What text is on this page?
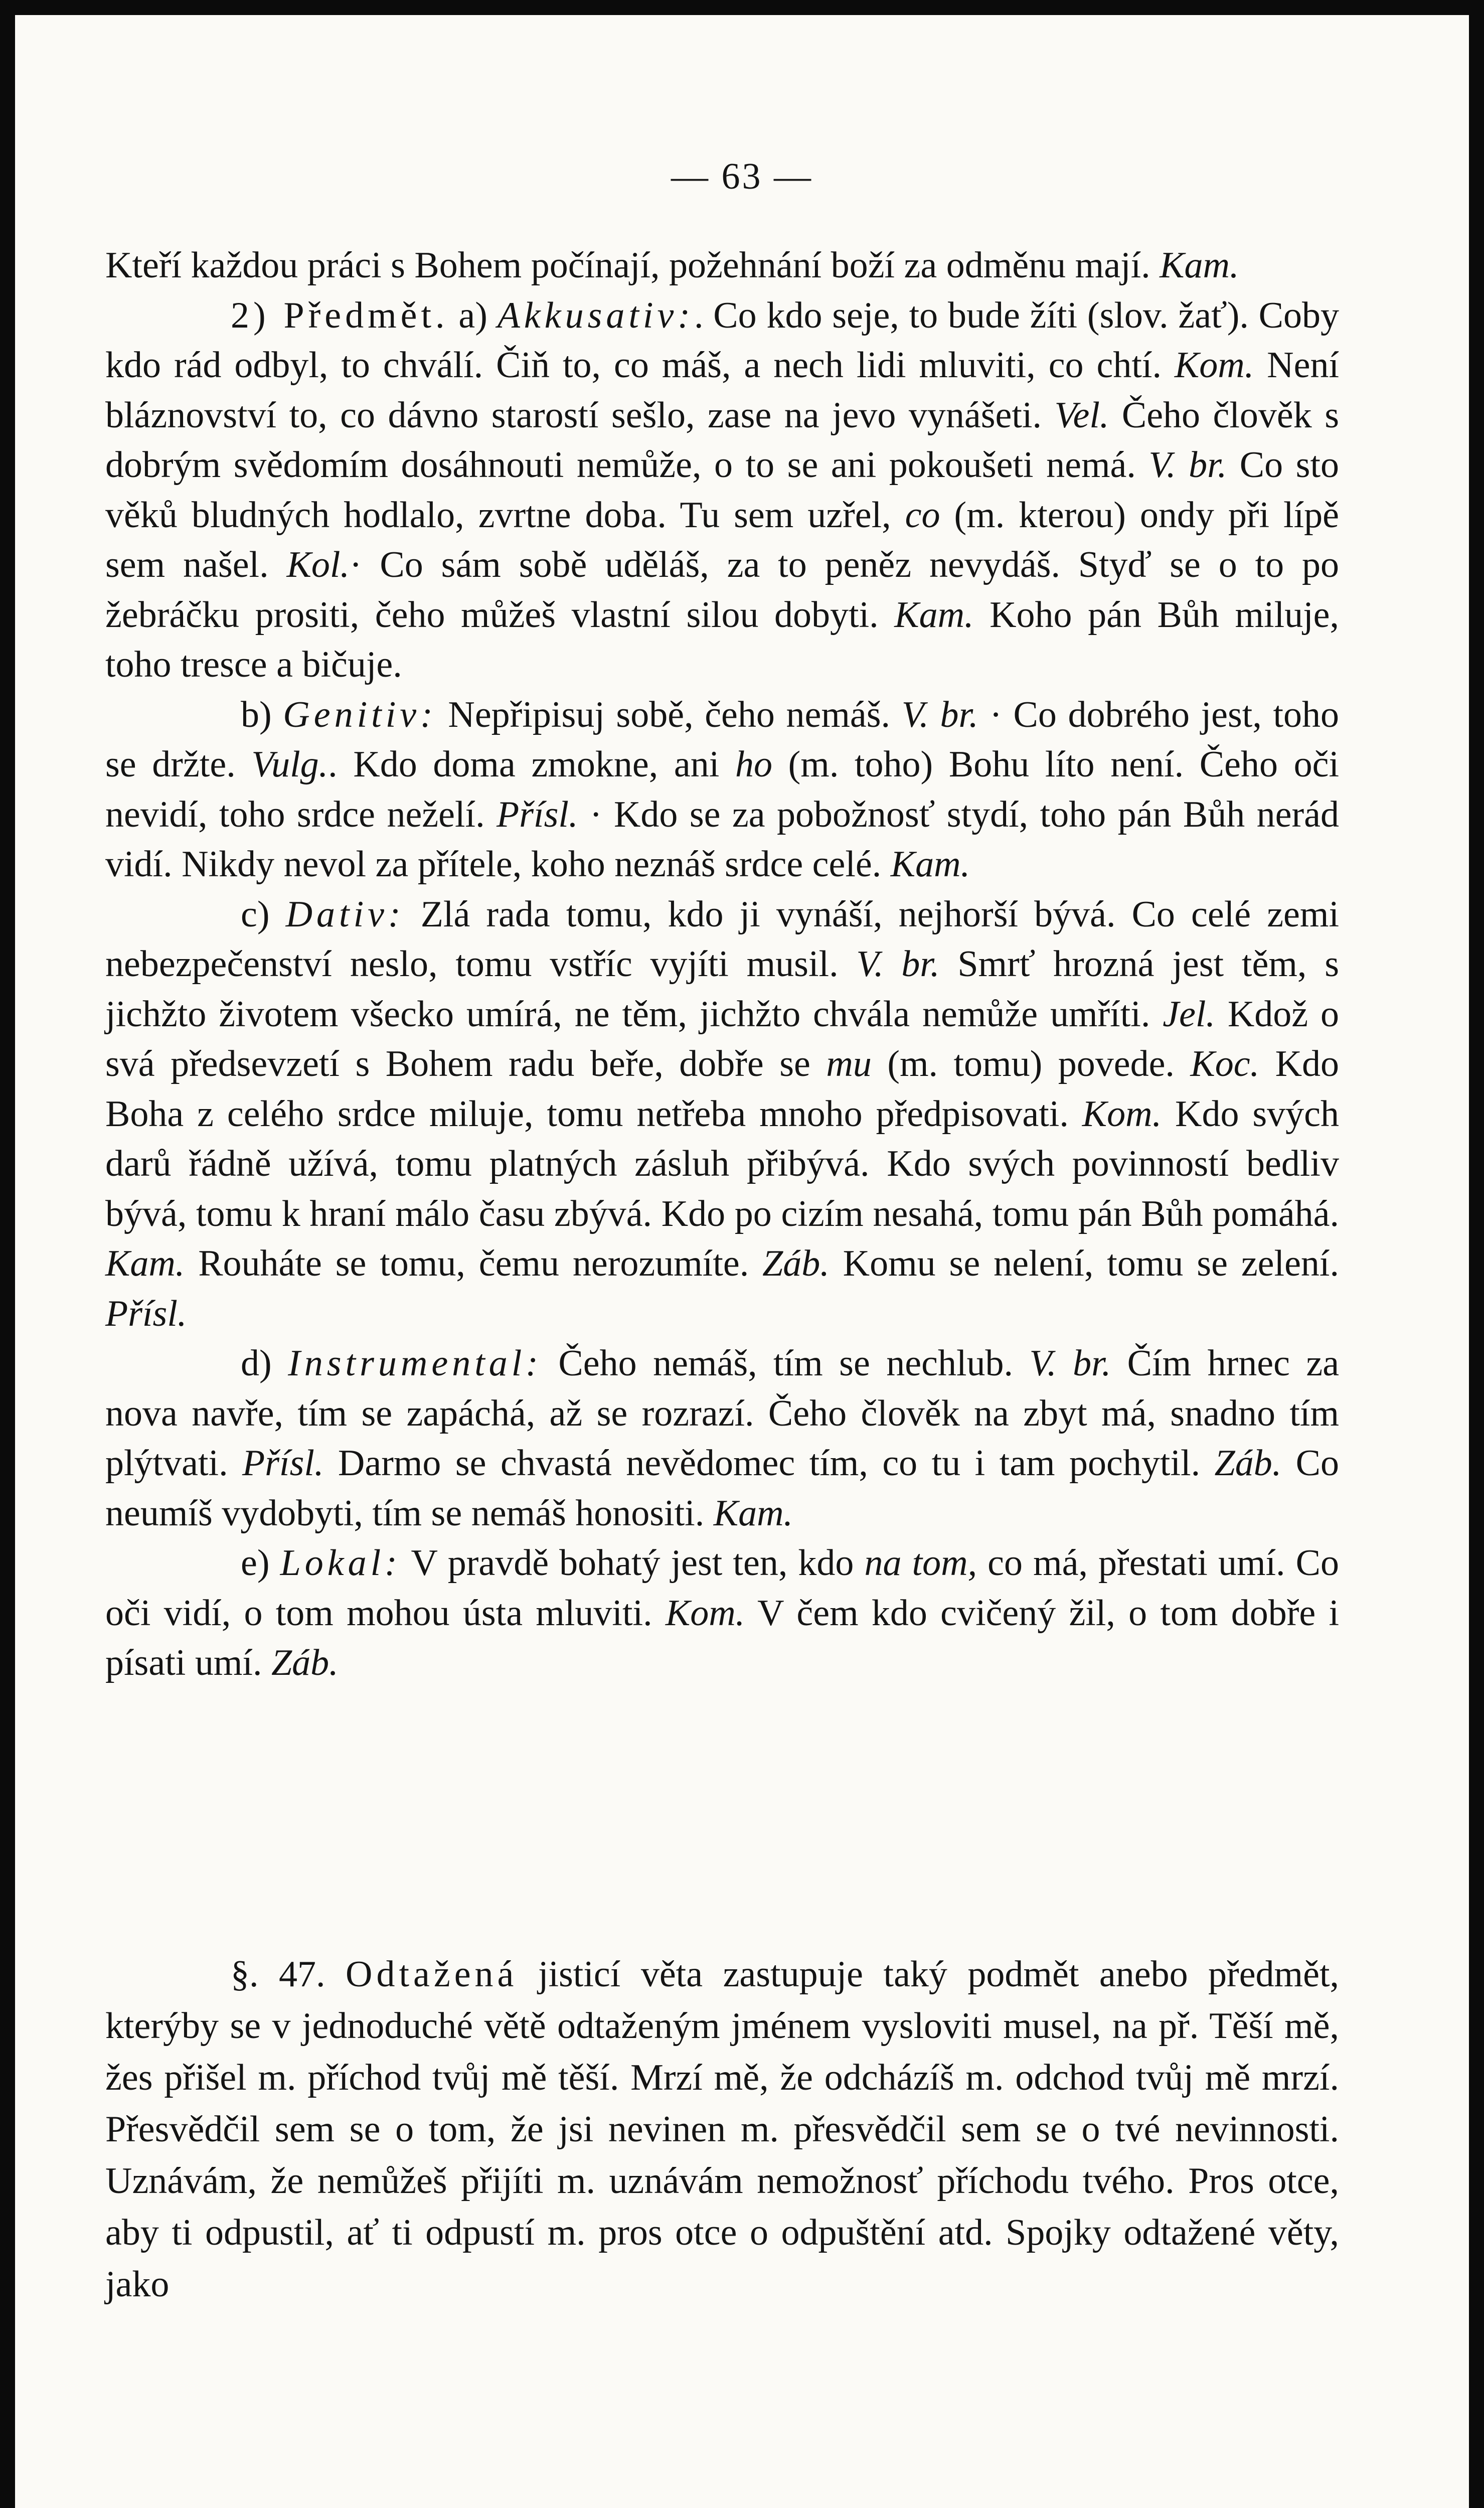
— 63 —

Kteří každou práci s Bohem počínají, požehnání boží za odměnu mají. Kam.

2) Předmět. a) Akkusativ:. Co kdo seje, to bude žíti (slov. žať). Coby kdo rád odbyl, to chválí. Čiň to, co máš, a nech lidi mluviti, co chtí. Kom. Není bláznovství to, co dávno starostí sešlo, zase na jevo vynášeti. Vel. Čeho člověk s dobrým svědomím dosáhnouti nemůže, o to se ani pokoušeti nemá. V. br. Co sto věků bludných hodlalo, zvrtne doba. Tu sem uzřel, co (m. kterou) ondy při lípě sem našel. Kol.· Co sám sobě uděláš, za to peněz nevydáš. Styď se o to po žebráčku prositi, čeho můžeš vlastní silou dobyti. Kam. Koho pán Bůh miluje, toho tresce a bičuje.

b) Genitiv: Nepřipisuj sobě, čeho nemáš. V. br. · Co dobrého jest, toho se držte. Vulg.. Kdo doma zmokne, ani ho (m. toho) Bohu líto není. Čeho oči nevidí, toho srdce neželí. Přísl. · Kdo se za pobožnosť stydí, toho pán Bůh nerád vidí. Nikdy nevol za přítele, koho neznáš srdce celé. Kam.

c) Dativ: Zlá rada tomu, kdo ji vynáší, nejhorší bývá. Co celé zemi nebezpečenství neslo, tomu vstříc vyjíti musil. V. br. Smrť hrozná jest těm, s jichžto životem všecko umírá, ne těm, jichžto chvála nemůže umříti. Jel. Kdož o svá předsevzetí s Bohem radu beře, dobře se mu (m. tomu) povede. Koc. Kdo Boha z celého srdce miluje, tomu netřeba mnoho předpisovati. Kom. Kdo svých darů řádně užívá, tomu platných zásluh přibývá. Kdo svých povinností bedliv bývá, tomu k hraní málo času zbývá. Kdo po cizím nesahá, tomu pán Bůh pomáhá. Kam. Rouháte se tomu, čemu nerozumíte. Záb. Komu se nelení, tomu se zelení. Přísl.

d) Instrumental: Čeho nemáš, tím se nechlub. V. br. Čím hrnec za nova navře, tím se zapáchá, až se rozrazí. Čeho člověk na zbyt má, snadno tím plýtvati. Přísl. Darmo se chvastá nevědomec tím, co tu i tam pochytil. Záb. Co neumíš vydobyti, tím se nemáš honositi. Kam.

e) Lokal: V pravdě bohatý jest ten, kdo na tom, co má, přestati umí. Co oči vidí, o tom mohou ústa mluviti. Kom. V čem kdo cvičený žil, o tom dobře i písati umí. Záb.

§. 47. Odtažená jisticí věta zastupuje taký podmět anebo předmět, kterýby se v jednoduché větě odtaženým jménem vysloviti musel, na př. Těší mě, žes přišel m. příchod tvůj mě těší. Mrzí mě, že odcházíš m. odchod tvůj mě mrzí. Přesvědčil sem se o tom, že jsi nevinen m. přesvědčil sem se o tvé nevinnosti. Uznávám, že nemůžeš přijíti m. uznávám nemožnosť příchodu tvého. Pros otce, aby ti odpustil, ať ti odpustí m. pros otce o odpuštění atd. Spojky odtažené věty, jako
